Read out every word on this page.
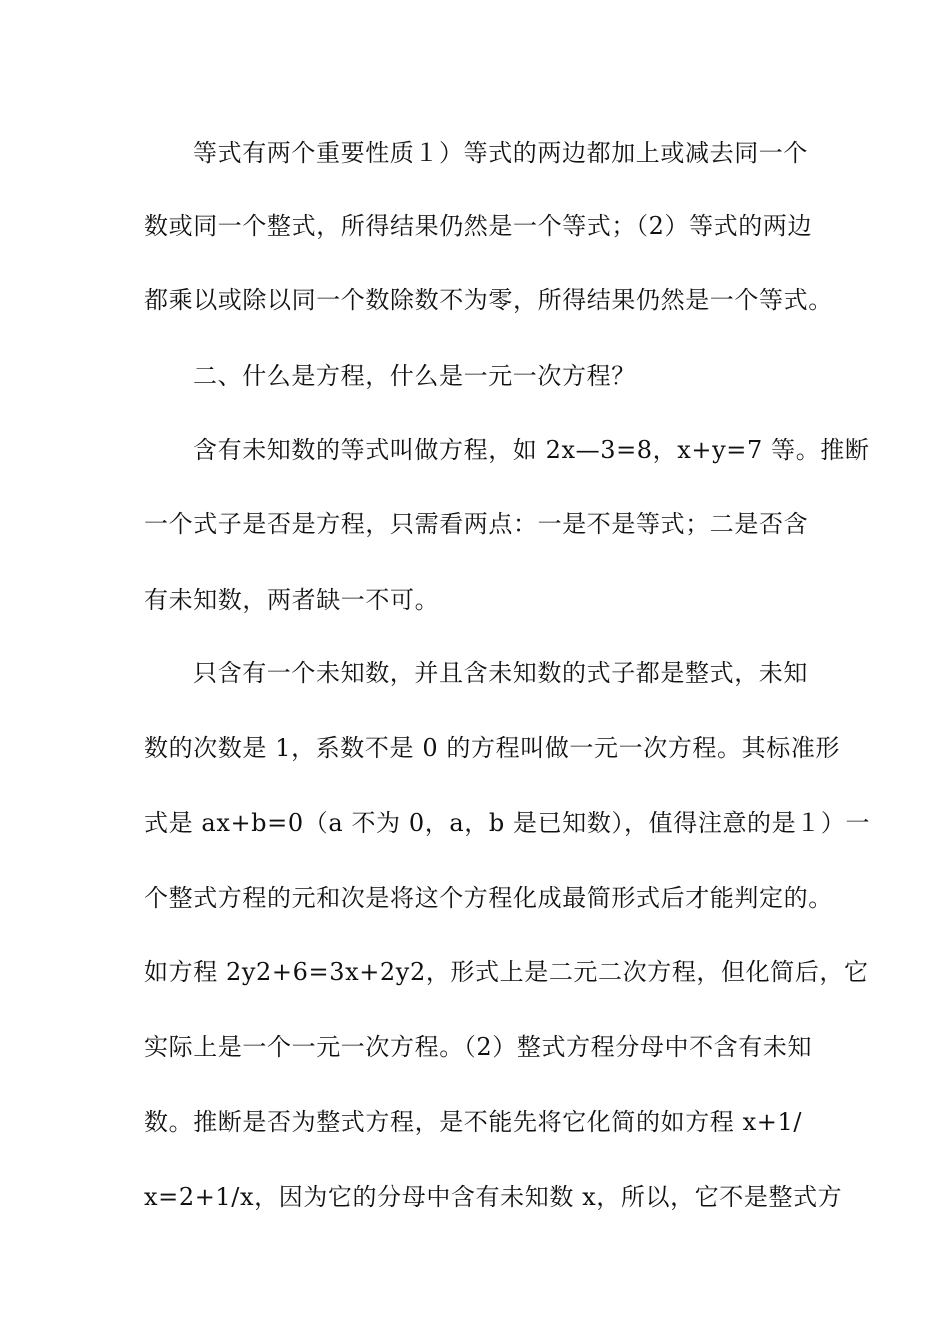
等式有两个重要性质１）等式的两边都加上或减去同一个
数或同一个整式，所得结果仍然是一个等式；（2）等式的两边
都乘以或除以同一个数除数不为零，所得结果仍然是一个等式。
二、什么是方程，什么是一元一次方程？
含有未知数的等式叫做方程，如 2x—3=8，x+y=7 等。推断
一个式子是否是方程，只需看两点：一是不是等式；二是否含
有未知数，两者缺一不可。
只含有一个未知数，并且含未知数的式子都是整式，未知
数的次数是 1，系数不是 0 的方程叫做一元一次方程。其标准形
式是 ax+b=0（a 不为 0，a，b 是已知数），值得注意的是１）一
个整式方程的元和次是将这个方程化成最简形式后才能判定的。
如方程 2y2+6=3x+2y2，形式上是二元二次方程，但化简后，它
实际上是一个一元一次方程。（2）整式方程分母中不含有未知
数。推断是否为整式方程，是不能先将它化简的如方程 x+1/
x=2+1/x，因为它的分母中含有未知数 x，所以，它不是整式方
